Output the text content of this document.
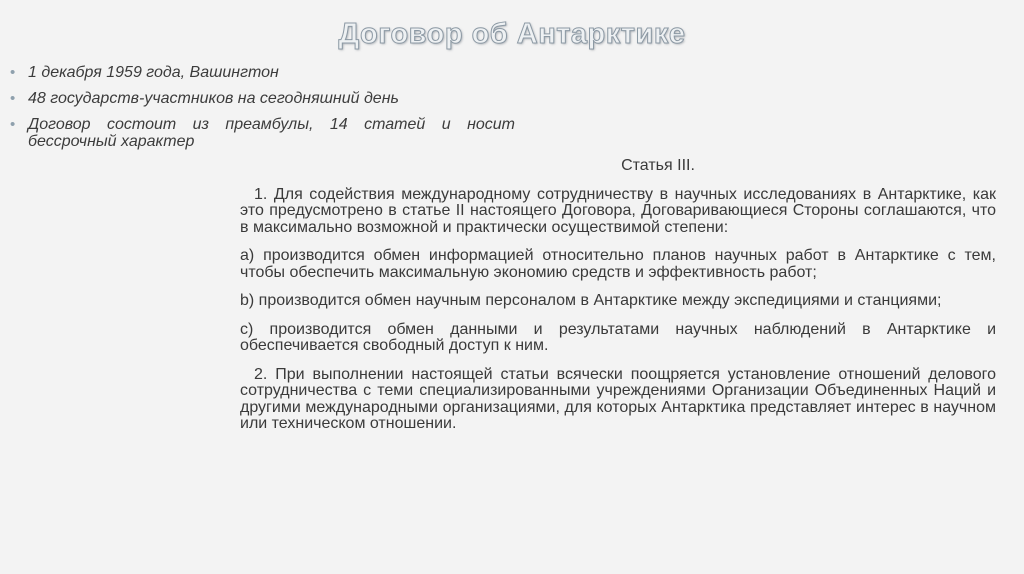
Договор об Антарктике
• 1 декабря 1959 года, Вашингтон
• 48 государств-участников на сегодняшний день
• Договор состоит из преамбулы, 14 статей и носит бессрочный характер
Статья III.

1. Для содействия международному сотрудничеству в научных исследованиях в Антарктике, как это предусмотрено в статье II настоящего Договора, Договаривающиеся Стороны соглашаются, что в максимально возможной и практически осуществимой степени:

a) производится обмен информацией относительно планов научных работ в Антарктике с тем, чтобы обеспечить максимальную экономию средств и эффективность работ;

b) производится обмен научным персоналом в Антарктике между экспедициями и станциями;

c) производится обмен данными и результатами научных наблюдений в Антарктике и обеспечивается свободный доступ к ним.

2. При выполнении настоящей статьи всячески поощряется установление отношений делового сотрудничества с теми специализированными учреждениями Организации Объединенных Наций и другими международными организациями, для которых Антарктика представляет интерес в научном или техническом отношении.
